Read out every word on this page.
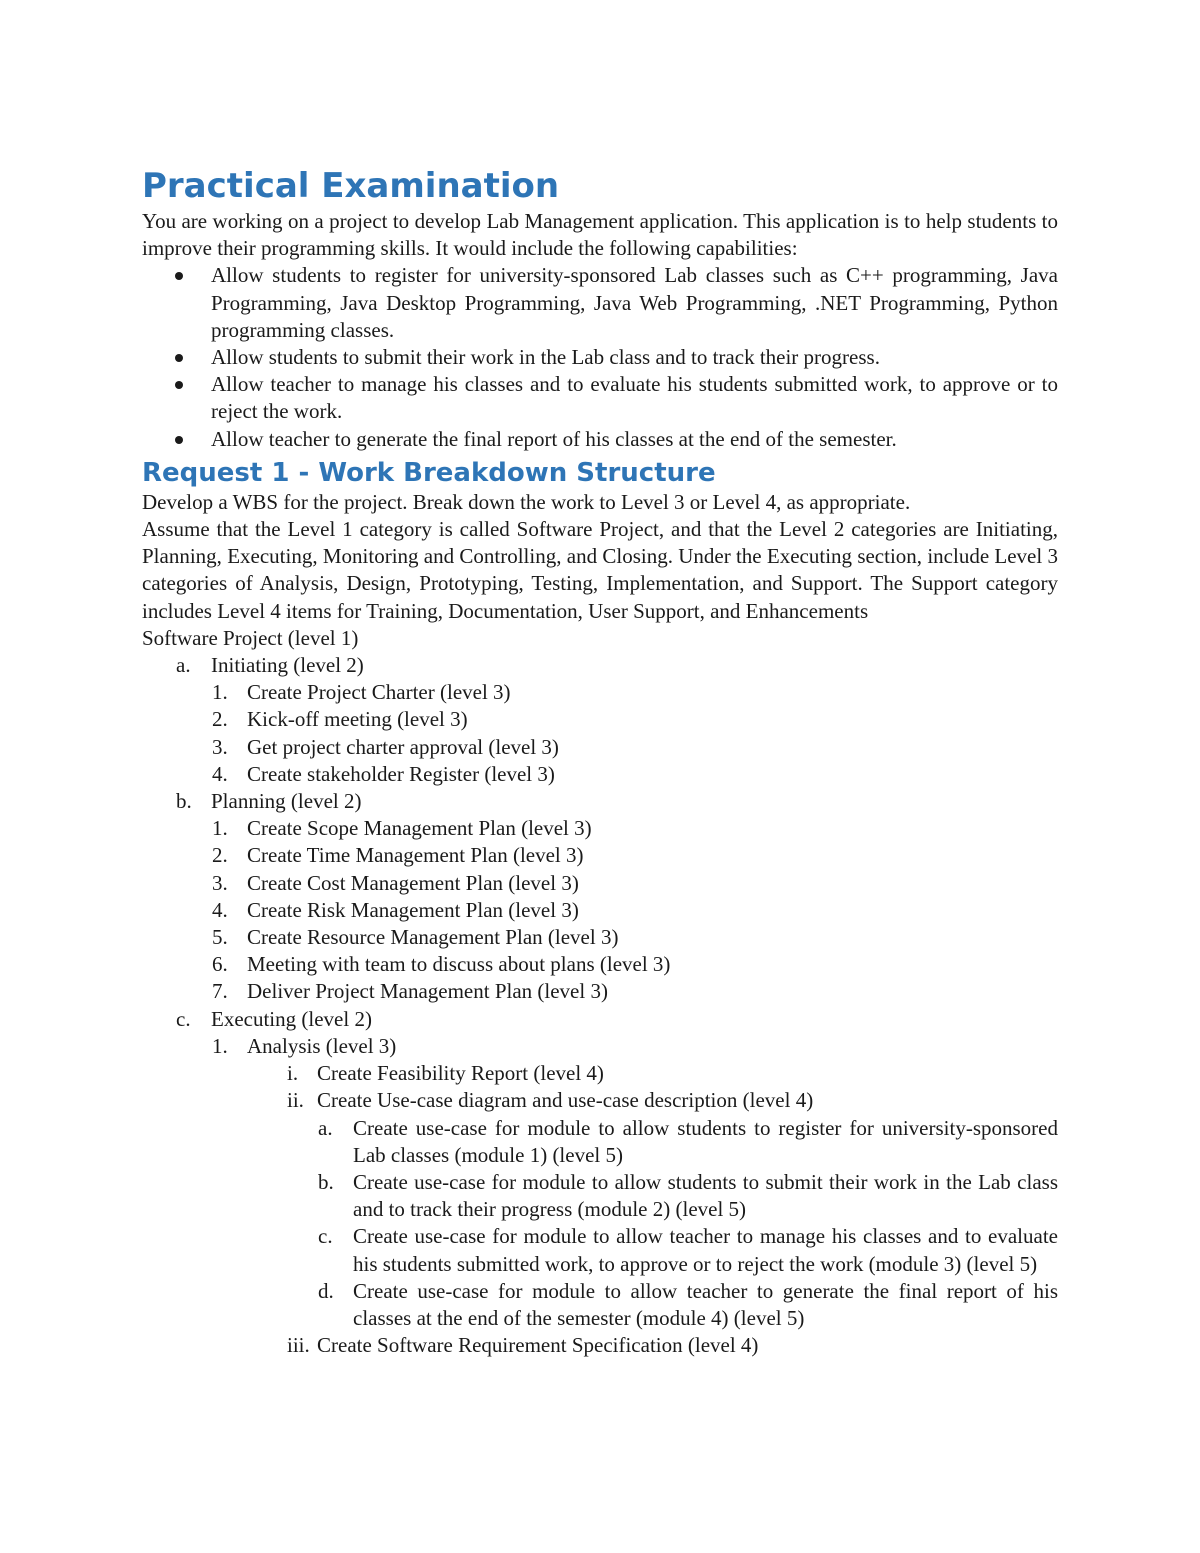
Practical Examination

You are working on a project to develop Lab Management application. This application is to help students to improve their programming skills. It would include the following capabilities:

Allow students to register for university-sponsored Lab classes such as C++ programming, Java Programming, Java Desktop Programming, Java Web Programming, .NET Programming, Python programming classes.
Allow students to submit their work in the Lab class and to track their progress.
Allow teacher to manage his classes and to evaluate his students submitted work, to approve or to reject the work.
Allow teacher to generate the final report of his classes at the end of the semester.
Request 1 - Work Breakdown Structure

Develop a WBS for the project. Break down the work to Level 3 or Level 4, as appropriate.

Assume that the Level 1 category is called Software Project, and that the Level 2 categories are Initiating, Planning, Executing, Monitoring and Controlling, and Closing. Under the Executing section, include Level 3 categories of Analysis, Design, Prototyping, Testing, Implementation, and Support. The Support category includes Level 4 items for Training, Documentation, User Support, and Enhancements

Software Project (level 1)

a. Initiating (level 2)
1. Create Project Charter (level 3)
2. Kick-off meeting (level 3)
3. Get project charter approval (level 3)
4. Create stakeholder Register (level 3)
b. Planning (level 2)
1. Create Scope Management Plan (level 3)
2. Create Time Management Plan (level 3)
3. Create Cost Management Plan (level 3)
4. Create Risk Management Plan (level 3)
5. Create Resource Management Plan (level 3)
6. Meeting with team to discuss about plans (level 3)
7. Deliver Project Management Plan (level 3)
c. Executing (level 2)
1. Analysis (level 3)
i. Create Feasibility Report (level 4)
ii. Create Use-case diagram and use-case description (level 4)
a. Create use-case for module to allow students to register for university-sponsored Lab classes (module 1) (level 5)
b. Create use-case for module to allow students to submit their work in the Lab class and to track their progress (module 2) (level 5)
c. Create use-case for module to allow teacher to manage his classes and to evaluate his students submitted work, to approve or to reject the work (module 3) (level 5)
d. Create use-case for module to allow teacher to generate the final report of his classes at the end of the semester (module 4) (level 5)
iii. Create Software Requirement Specification (level 4)
